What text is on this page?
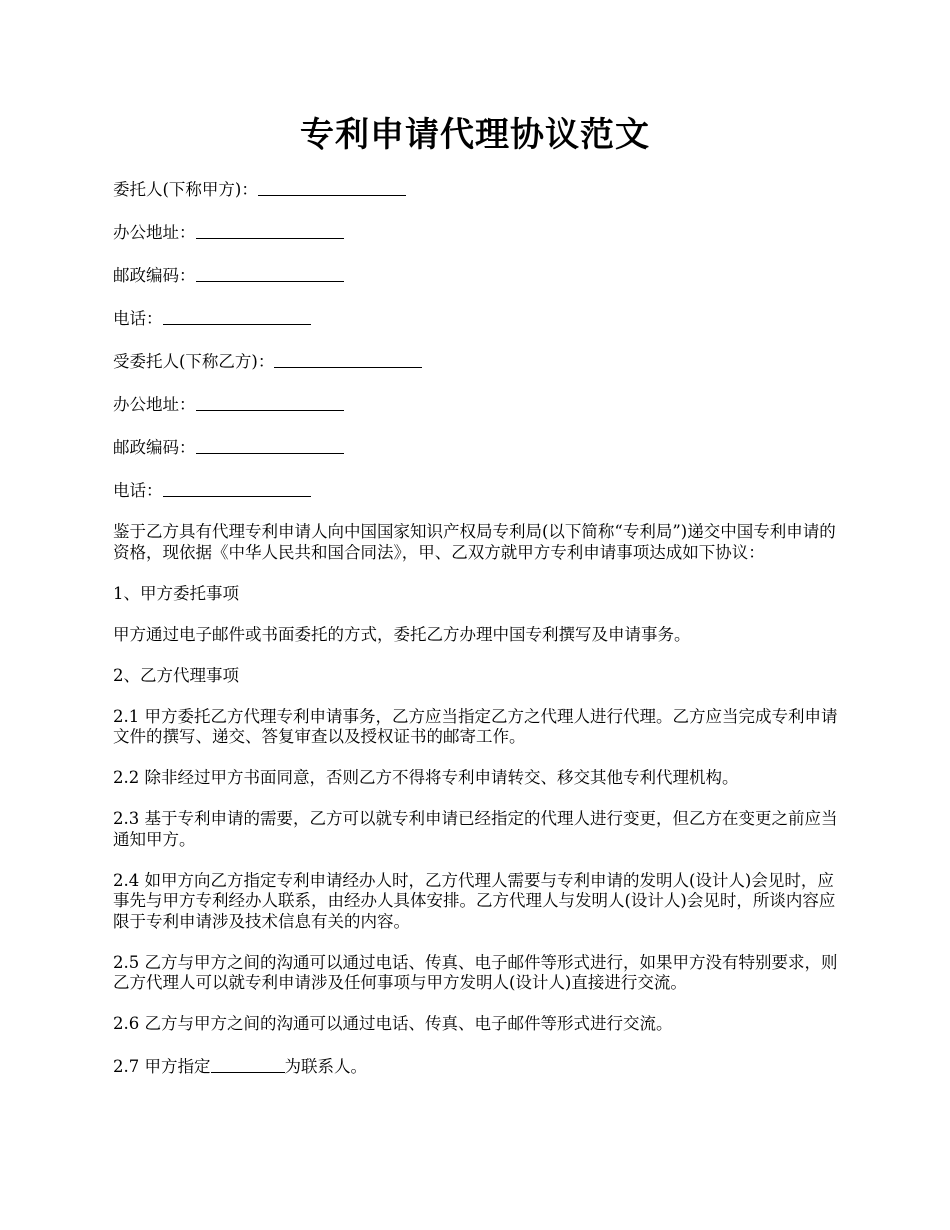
专利申请代理协议范文
委托人(下称甲方)：
办公地址：
邮政编码：
电话：
受委托人(下称乙方)：
办公地址：
邮政编码：
电话：

鉴于乙方具有代理专利申请人向中国国家知识产权局专利局(以下简称“专利局”)递交中国专利申请的资格，现依据《中华人民共和国合同法》，甲、乙双方就甲方专利申请事项达成如下协议：

1、甲方委托事项

甲方通过电子邮件或书面委托的方式，委托乙方办理中国专利撰写及申请事务。

2、乙方代理事项

2.1 甲方委托乙方代理专利申请事务，乙方应当指定乙方之代理人进行代理。乙方应当完成专利申请文件的撰写、递交、答复审查以及授权证书的邮寄工作。

2.2 除非经过甲方书面同意，否则乙方不得将专利申请转交、移交其他专利代理机构。

2.3 基于专利申请的需要，乙方可以就专利申请已经指定的代理人进行变更，但乙方在变更之前应当通知甲方。

2.4 如甲方向乙方指定专利申请经办人时，乙方代理人需要与专利申请的发明人(设计人)会见时，应事先与甲方专利经办人联系，由经办人具体安排。乙方代理人与发明人(设计人)会见时，所谈内容应限于专利申请涉及技术信息有关的内容。

2.5 乙方与甲方之间的沟通可以通过电话、传真、电子邮件等形式进行，如果甲方没有特别要求，则乙方代理人可以就专利申请涉及任何事项与甲方发明人(设计人)直接进行交流。

2.6 乙方与甲方之间的沟通可以通过电话、传真、电子邮件等形式进行交流。

2.7 甲方指定	为联系人。
